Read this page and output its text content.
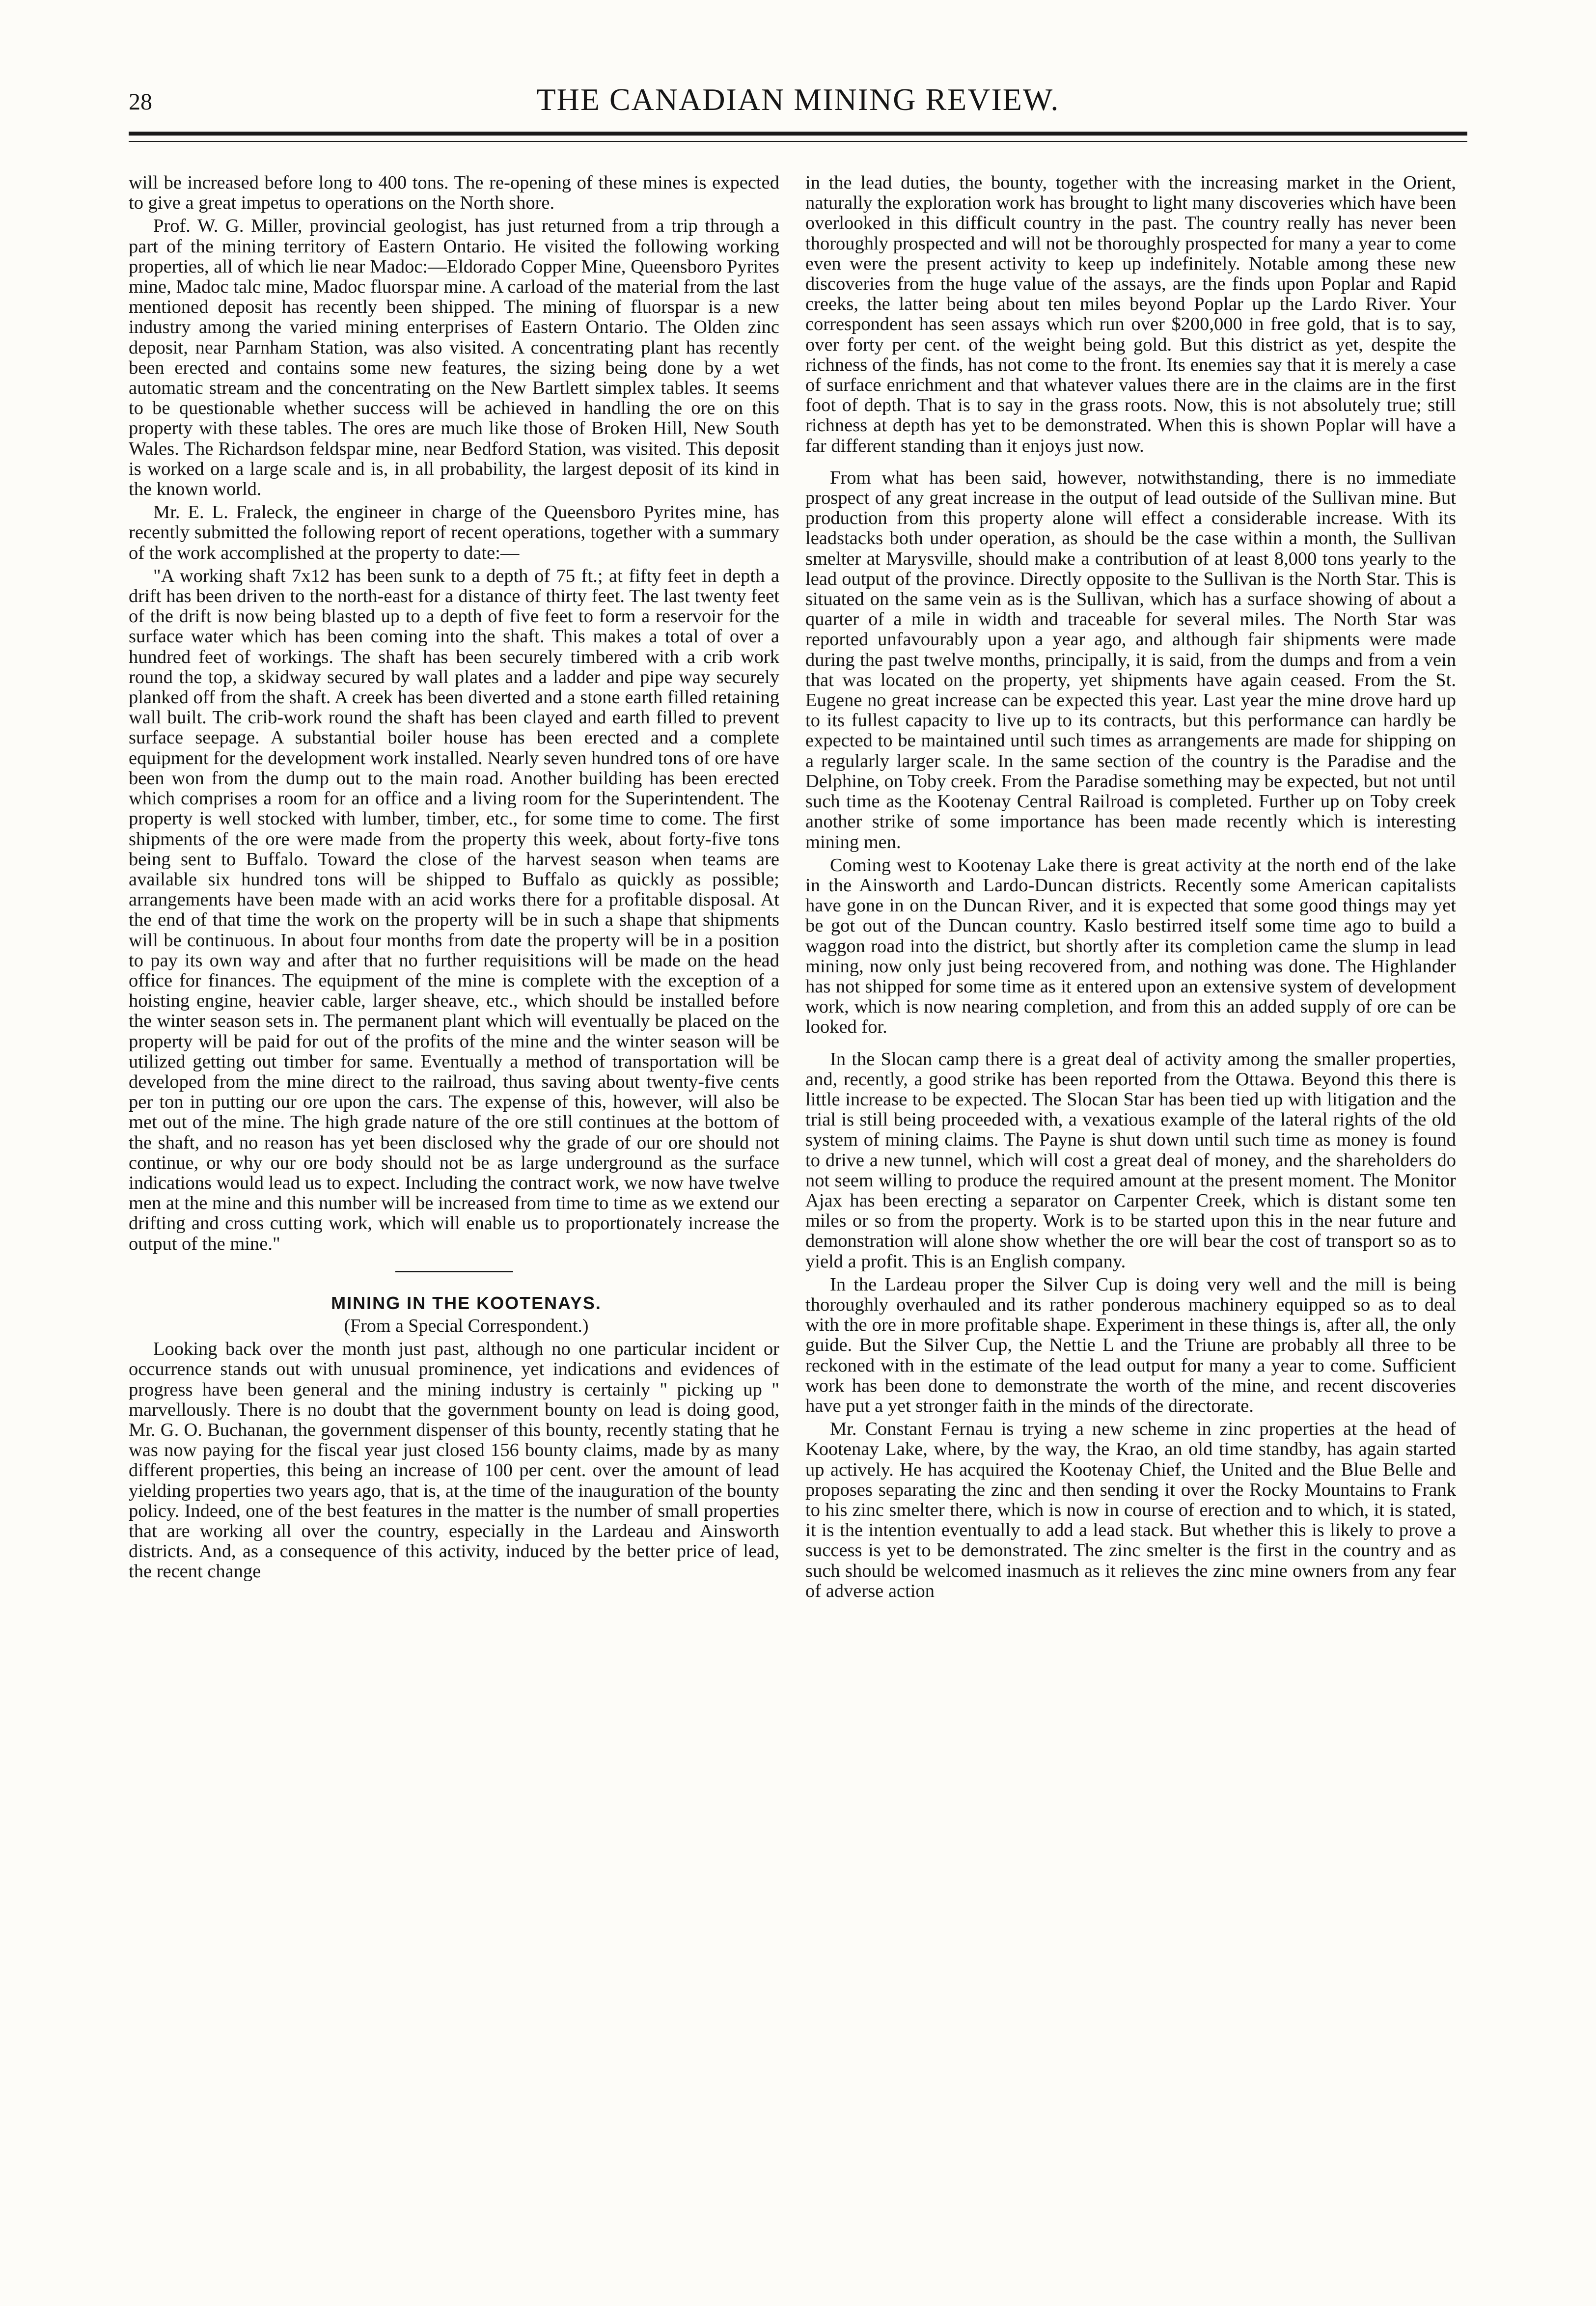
28	THE CANADIAN MINING REVIEW.

will be increased before long to 400 tons. The re-opening of these mines is expected to give a great impetus to operations on the North shore.

Prof. W. G. Miller, provincial geologist, has just returned from a trip through a part of the mining territory of Eastern Ontario. He visited the following working properties, all of which lie near Madoc:—Eldorado Copper Mine, Queensboro Pyrites mine, Madoc talc mine, Madoc fluorspar mine. A carload of the material from the last mentioned deposit has recently been shipped. The mining of fluorspar is a new industry among the varied mining enterprises of Eastern Ontario. The Olden zinc deposit, near Parnham Station, was also visited. A concentrating plant has recently been erected and contains some new features, the sizing being done by a wet automatic stream and the concentrating on the New Bartlett simplex tables. It seems to be questionable whether success will be achieved in handling the ore on this property with these tables. The ores are much like those of Broken Hill, New South Wales. The Richardson feldspar mine, near Bedford Station, was visited. This deposit is worked on a large scale and is, in all probability, the largest deposit of its kind in the known world.

Mr. E. L. Fraleck, the engineer in charge of the Queensboro Pyrites mine, has recently submitted the following report of recent operations, together with a summary of the work accomplished at the property to date:—

"A working shaft 7x12 has been sunk to a depth of 75 ft.; at fifty feet in depth a drift has been driven to the north-east for a distance of thirty feet. The last twenty feet of the drift is now being blasted up to a depth of five feet to form a reservoir for the surface water which has been coming into the shaft. This makes a total of over a hundred feet of workings. The shaft has been securely timbered with a crib work round the top, a skidway secured by wall plates and a ladder and pipe way securely planked off from the shaft. A creek has been diverted and a stone earth filled retaining wall built. The crib-work round the shaft has been clayed and earth filled to prevent surface seepage. A substantial boiler house has been erected and a complete equipment for the development work installed. Nearly seven hundred tons of ore have been won from the dump out to the main road. Another building has been erected which comprises a room for an office and a living room for the Superintendent. The property is well stocked with lumber, timber, etc., for some time to come. The first shipments of the ore were made from the property this week, about forty-five tons being sent to Buffalo. Toward the close of the harvest season when teams are available six hundred tons will be shipped to Buffalo as quickly as possible; arrangements have been made with an acid works there for a profitable disposal. At the end of that time the work on the property will be in such a shape that shipments will be continuous. In about four months from date the property will be in a position to pay its own way and after that no further requisitions will be made on the head office for finances. The equipment of the mine is complete with the exception of a hoisting engine, heavier cable, larger sheave, etc., which should be installed before the winter season sets in. The permanent plant which will eventually be placed on the property will be paid for out of the profits of the mine and the winter season will be utilized getting out timber for same. Eventually a method of transportation will be developed from the mine direct to the railroad, thus saving about twenty-five cents per ton in putting our ore upon the cars. The expense of this, however, will also be met out of the mine. The high grade nature of the ore still continues at the bottom of the shaft, and no reason has yet been disclosed why the grade of our ore should not continue, or why our ore body should not be as large underground as the surface indications would lead us to expect. Including the contract work, we now have twelve men at the mine and this number will be increased from time to time as we extend our drifting and cross cutting work, which will enable us to proportionately increase the output of the mine."

MINING IN THE KOOTENAYS.

(From a Special Correspondent.)

Looking back over the month just past, although no one particular incident or occurrence stands out with unusual prominence, yet indications and evidences of progress have been general and the mining industry is certainly " picking up " marvellously. There is no doubt that the government bounty on lead is doing good, Mr. G. O. Buchanan, the government dispenser of this bounty, recently stating that he was now paying for the fiscal year just closed 156 bounty claims, made by as many different properties, this being an increase of 100 per cent. over the amount of lead yielding properties two years ago, that is, at the time of the inauguration of the bounty policy. Indeed, one of the best features in the matter is the number of small properties that are working all over the country, especially in the Lardeau and Ainsworth districts. And, as a consequence of this activity, induced by the better price of lead, the recent change

in the lead duties, the bounty, together with the increasing market in the Orient, naturally the exploration work has brought to light many discoveries which have been overlooked in this difficult country in the past. The country really has never been thoroughly prospected and will not be thoroughly prospected for many a year to come even were the present activity to keep up indefinitely. Notable among these new discoveries from the huge value of the assays, are the finds upon Poplar and Rapid creeks, the latter being about ten miles beyond Poplar up the Lardo River. Your correspondent has seen assays which run over $200,000 in free gold, that is to say, over forty per cent. of the weight being gold. But this district as yet, despite the richness of the finds, has not come to the front. Its enemies say that it is merely a case of surface enrichment and that whatever values there are in the claims are in the first foot of depth. That is to say in the grass roots. Now, this is not absolutely true; still richness at depth has yet to be demonstrated. When this is shown Poplar will have a far different standing than it enjoys just now.

From what has been said, however, notwithstanding, there is no immediate prospect of any great increase in the output of lead outside of the Sullivan mine. But production from this property alone will effect a considerable increase. With its leadstacks both under operation, as should be the case within a month, the Sullivan smelter at Marysville, should make a contribution of at least 8,000 tons yearly to the lead output of the province. Directly opposite to the Sullivan is the North Star. This is situated on the same vein as is the Sullivan, which has a surface showing of about a quarter of a mile in width and traceable for several miles. The North Star was reported unfavourably upon a year ago, and although fair shipments were made during the past twelve months, principally, it is said, from the dumps and from a vein that was located on the property, yet shipments have again ceased. From the St. Eugene no great increase can be expected this year. Last year the mine drove hard up to its fullest capacity to live up to its contracts, but this performance can hardly be expected to be maintained until such times as arrangements are made for shipping on a regularly larger scale. In the same section of the country is the Paradise and the Delphine, on Toby creek. From the Paradise something may be expected, but not until such time as the Kootenay Central Railroad is completed. Further up on Toby creek another strike of some importance has been made recently which is interesting mining men.

Coming west to Kootenay Lake there is great activity at the north end of the lake in the Ainsworth and Lardo-Duncan districts. Recently some American capitalists have gone in on the Duncan River, and it is expected that some good things may yet be got out of the Duncan country. Kaslo bestirred itself some time ago to build a waggon road into the district, but shortly after its completion came the slump in lead mining, now only just being recovered from, and nothing was done. The Highlander has not shipped for some time as it entered upon an extensive system of development work, which is now nearing completion, and from this an added supply of ore can be looked for.

In the Slocan camp there is a great deal of activity among the smaller properties, and, recently, a good strike has been reported from the Ottawa. Beyond this there is little increase to be expected. The Slocan Star has been tied up with litigation and the trial is still being proceeded with, a vexatious example of the lateral rights of the old system of mining claims. The Payne is shut down until such time as money is found to drive a new tunnel, which will cost a great deal of money, and the shareholders do not seem willing to produce the required amount at the present moment. The Monitor Ajax has been erecting a separator on Carpenter Creek, which is distant some ten miles or so from the property. Work is to be started upon this in the near future and demonstration will alone show whether the ore will bear the cost of transport so as to yield a profit. This is an English company.

In the Lardeau proper the Silver Cup is doing very well and the mill is being thoroughly overhauled and its rather ponderous machinery equipped so as to deal with the ore in more profitable shape. Experiment in these things is, after all, the only guide. But the Silver Cup, the Nettie L and the Triune are probably all three to be reckoned with in the estimate of the lead output for many a year to come. Sufficient work has been done to demonstrate the worth of the mine, and recent discoveries have put a yet stronger faith in the minds of the directorate.

Mr. Constant Fernau is trying a new scheme in zinc properties at the head of Kootenay Lake, where, by the way, the Krao, an old time standby, has again started up actively. He has acquired the Kootenay Chief, the United and the Blue Belle and proposes separating the zinc and then sending it over the Rocky Mountains to Frank to his zinc smelter there, which is now in course of erection and to which, it is stated, it is the intention eventually to add a lead stack. But whether this is likely to prove a success is yet to be demonstrated. The zinc smelter is the first in the country and as such should be welcomed inasmuch as it relieves the zinc mine owners from any fear of adverse action
